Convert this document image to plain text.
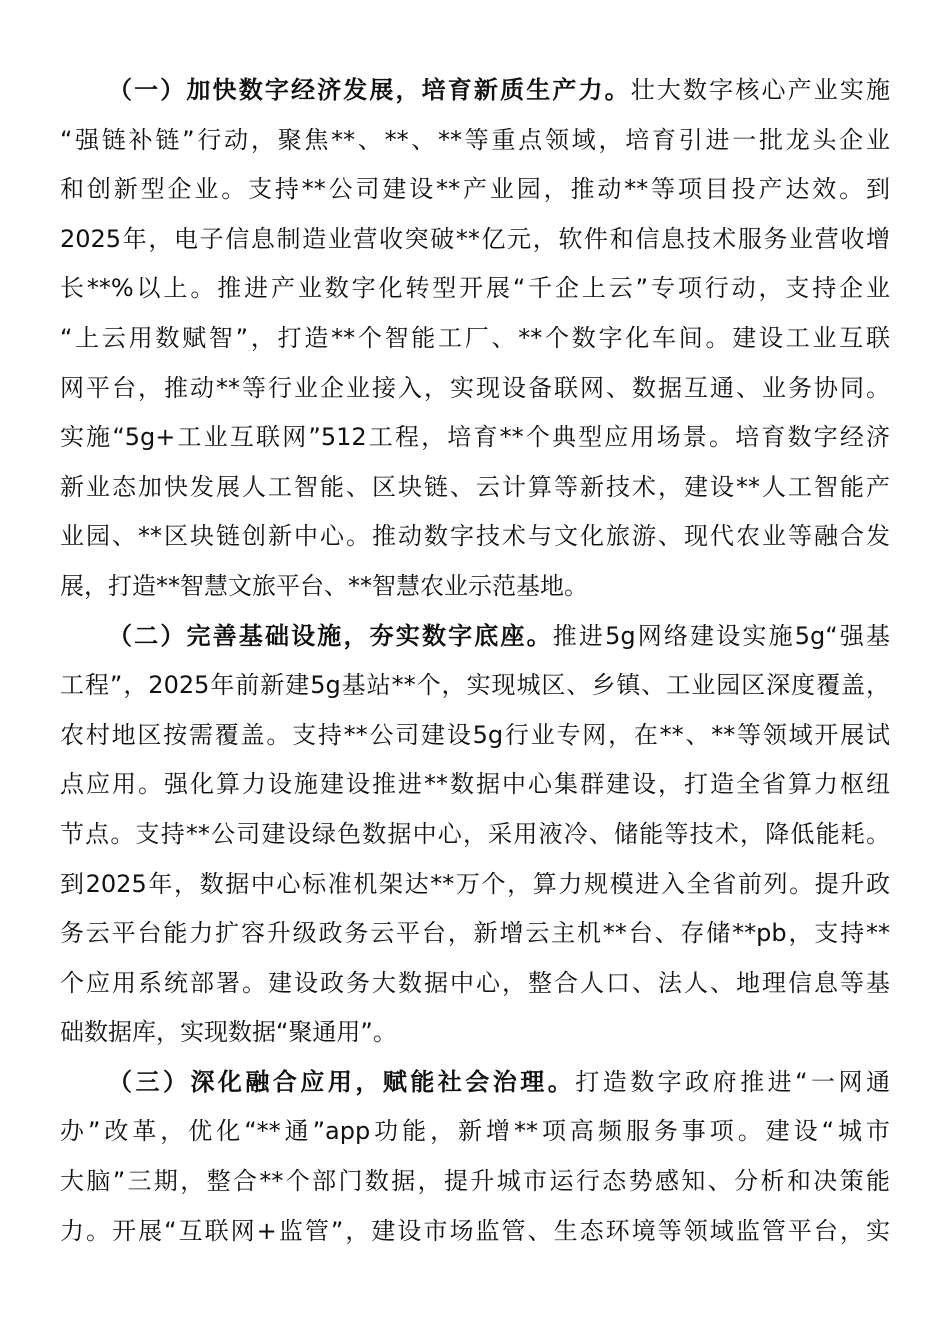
（一）加快数字经济发展，培育新质生产力。壮大数字核心产业实施
“强链补链”行动，聚焦**、**、**等重点领域，培育引进一批龙头企业
和创新型企业。支持**公司建设**产业园，推动**等项目投产达效。到
2025年，电子信息制造业营收突破**亿元，软件和信息技术服务业营收增
长**%以上。推进产业数字化转型开展“千企上云”专项行动，支持企业
“上云用数赋智”，打造**个智能工厂、**个数字化车间。建设工业互联
网平台，推动**等行业企业接入，实现设备联网、数据互通、业务协同。
实施“5g+工业互联网”512工程，培育**个典型应用场景。培育数字经济
新业态加快发展人工智能、区块链、云计算等新技术，建设**人工智能产
业园、**区块链创新中心。推动数字技术与文化旅游、现代农业等融合发
展，打造**智慧文旅平台、**智慧农业示范基地。
（二）完善基础设施，夯实数字底座。推进5g网络建设实施5g“强基
工程”，2025年前新建5g基站**个，实现城区、乡镇、工业园区深度覆盖，
农村地区按需覆盖。支持**公司建设5g行业专网，在**、**等领域开展试
点应用。强化算力设施建设推进**数据中心集群建设，打造全省算力枢纽
节点。支持**公司建设绿色数据中心，采用液冷、储能等技术，降低能耗。
到2025年，数据中心标准机架达**万个，算力规模进入全省前列。提升政
务云平台能力扩容升级政务云平台，新增云主机**台、存储**pb，支持**
个应用系统部署。建设政务大数据中心，整合人口、法人、地理信息等基
础数据库，实现数据“聚通用”。
（三）深化融合应用，赋能社会治理。打造数字政府推进“一网通
办”改革，优化“**通”app功能，新增**项高频服务事项。建设“城市
大脑”三期，整合**个部门数据，提升城市运行态势感知、分析和决策能
力。开展“互联网+监管”，建设市场监管、生态环境等领域监管平台，实
